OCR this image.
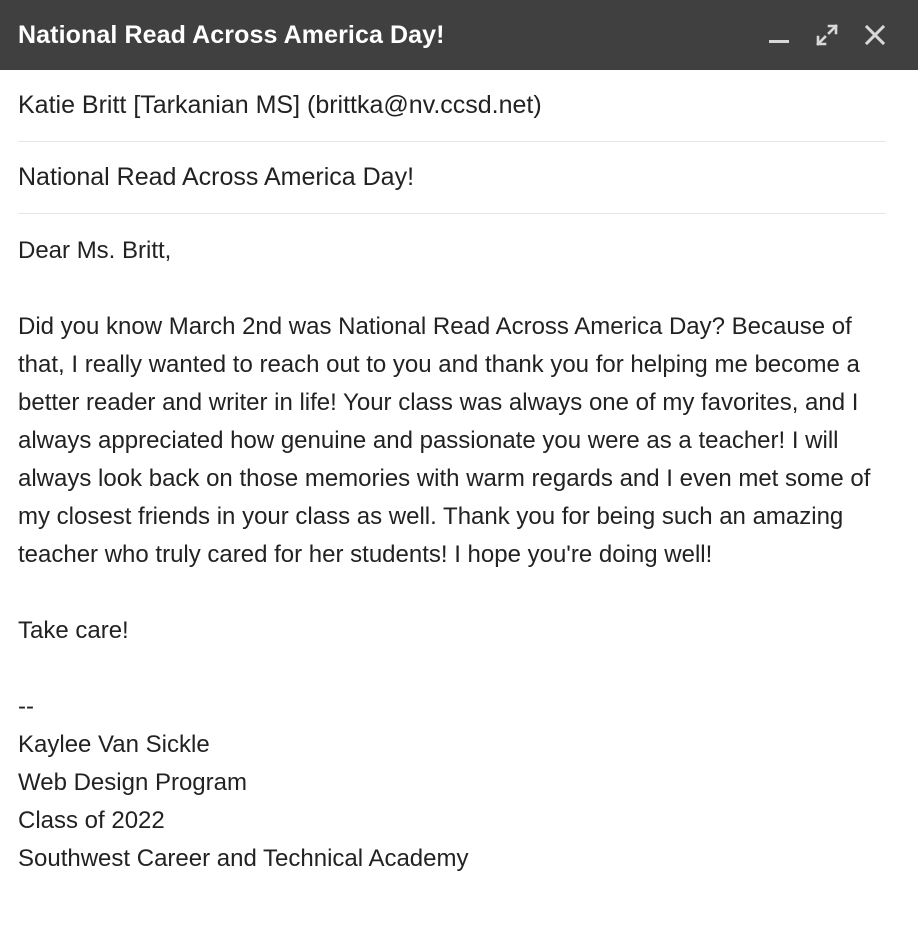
National Read Across America Day!
Katie Britt [Tarkanian MS] (brittka@nv.ccsd.net)
National Read Across America Day!

Dear Ms. Britt,

Did you know March 2nd was National Read Across America Day? Because of that, I really wanted to reach out to you and thank you for helping me become a better reader and writer in life! Your class was always one of my favorites, and I always appreciated how genuine and passionate you were as a teacher! I will always look back on those memories with warm regards and I even met some of my closest friends in your class as well. Thank you for being such an amazing teacher who truly cared for her students! I hope you're doing well!

Take care!

--

Kaylee Van Sickle

Web Design Program

Class of 2022

Southwest Career and Technical Academy
